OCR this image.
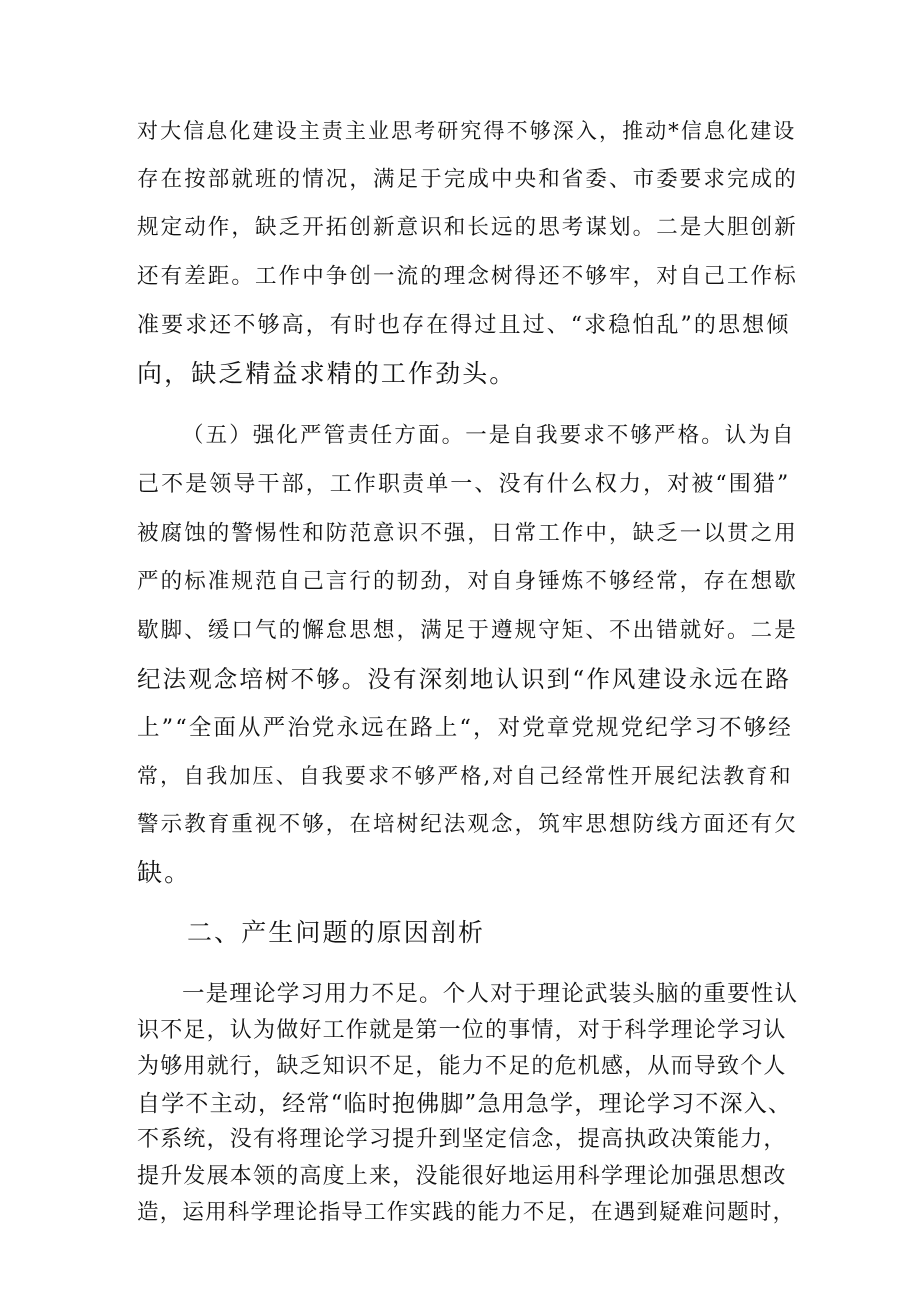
对大信息化建设主责主业思考研究得不够深入，推动*信息化建设
存在按部就班的情况，满足于完成中央和省委、市委要求完成的
规定动作，缺乏开拓创新意识和长远的思考谋划。二是大胆创新
还有差距。工作中争创一流的理念树得还不够牢，对自己工作标
准要求还不够高，有时也存在得过且过、“求稳怕乱”的思想倾
向，缺乏精益求精的工作劲头。
（五）强化严管责任方面。一是自我要求不够严格。认为自
己不是领导干部，工作职责单一、没有什么权力，对被“围猎”
被腐蚀的警惕性和防范意识不强，日常工作中，缺乏一以贯之用
严的标准规范自己言行的韧劲，对自身锤炼不够经常，存在想歇
歇脚、缓口气的懈怠思想，满足于遵规守矩、不出错就好。二是
纪法观念培树不够。没有深刻地认识到“作风建设永远在路
上”“全面从严治党永远在路上“，对党章党规党纪学习不够经
常，自我加压、自我要求不够严格,对自己经常性开展纪法教育和
警示教育重视不够，在培树纪法观念，筑牢思想防线方面还有欠
缺。
二、产生问题的原因剖析
一是理论学习用力不足。个人对于理论武装头脑的重要性认
识不足，认为做好工作就是第一位的事情，对于科学理论学习认
为够用就行，缺乏知识不足，能力不足的危机感，从而导致个人
自学不主动，经常“临时抱佛脚”急用急学，理论学习不深入、
不系统，没有将理论学习提升到坚定信念，提高执政决策能力，
提升发展本领的高度上来，没能很好地运用科学理论加强思想改
造，运用科学理论指导工作实践的能力不足，在遇到疑难问题时，
